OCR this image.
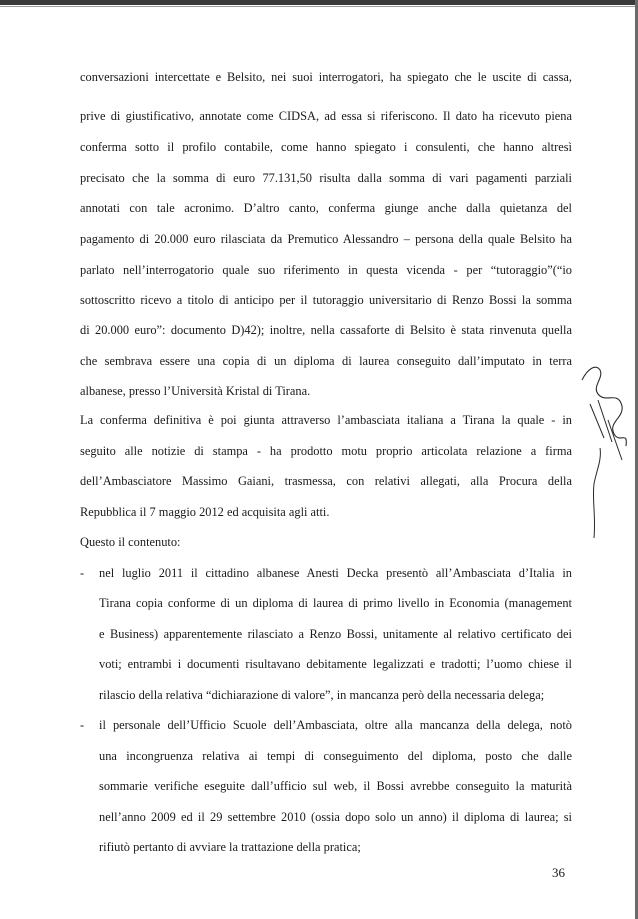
conversazioni intercettate e Belsito, nei suoi interrogatori, ha spiegato che le uscite di cassa,
prive di giustificativo, annotate come CIDSA, ad essa si riferiscono. Il dato ha ricevuto piena
conferma sotto il profilo contabile, come hanno spiegato i consulenti, che hanno altresì
precisato che la somma di euro 77.131,50 risulta dalla somma di vari pagamenti parziali
annotati con tale acronimo. D’altro canto, conferma giunge anche dalla quietanza del
pagamento di 20.000 euro rilasciata da Premutico Alessandro – persona della quale Belsito ha
parlato nell’interrogatorio quale suo riferimento in questa vicenda - per “tutoraggio”(“io
sottoscritto ricevo a titolo di anticipo per il tutoraggio universitario di Renzo Bossi la somma
di 20.000 euro”: documento D)42); inoltre, nella cassaforte di Belsito è stata rinvenuta quella
che sembrava essere una copia di un diploma di laurea conseguito dall’imputato in terra
albanese, presso l’Università Kristal di Tirana.
La conferma definitiva è poi giunta attraverso l’ambasciata italiana a Tirana la quale - in
seguito alle notizie di stampa - ha prodotto motu proprio articolata relazione a firma
dell’Ambasciatore Massimo Gaiani, trasmessa, con relativi allegati, alla Procura della
Repubblica il 7 maggio 2012 ed acquisita agli atti.
Questo il contenuto:
- nel luglio 2011 il cittadino albanese Anesti Decka presentò all’Ambasciata d’Italia in
Tirana copia conforme di un diploma di laurea di primo livello in Economia (management
e Business) apparentemente rilasciato a Renzo Bossi, unitamente al relativo certificato dei
voti; entrambi i documenti risultavano debitamente legalizzati e tradotti; l’uomo chiese il
rilascio della relativa “dichiarazione di valore”, in mancanza però della necessaria delega;
- il personale dell’Ufficio Scuole dell’Ambasciata, oltre alla mancanza della delega, notò
una incongruenza relativa ai tempi di conseguimento del diploma, posto che dalle
sommarie verifiche eseguite dall’ufficio sul web, il Bossi avrebbe conseguito la maturità
nell’anno 2009 ed il 29 settembre 2010 (ossia dopo solo un anno) il diploma di laurea; si
rifiutò pertanto di avviare la trattazione della pratica;
36
